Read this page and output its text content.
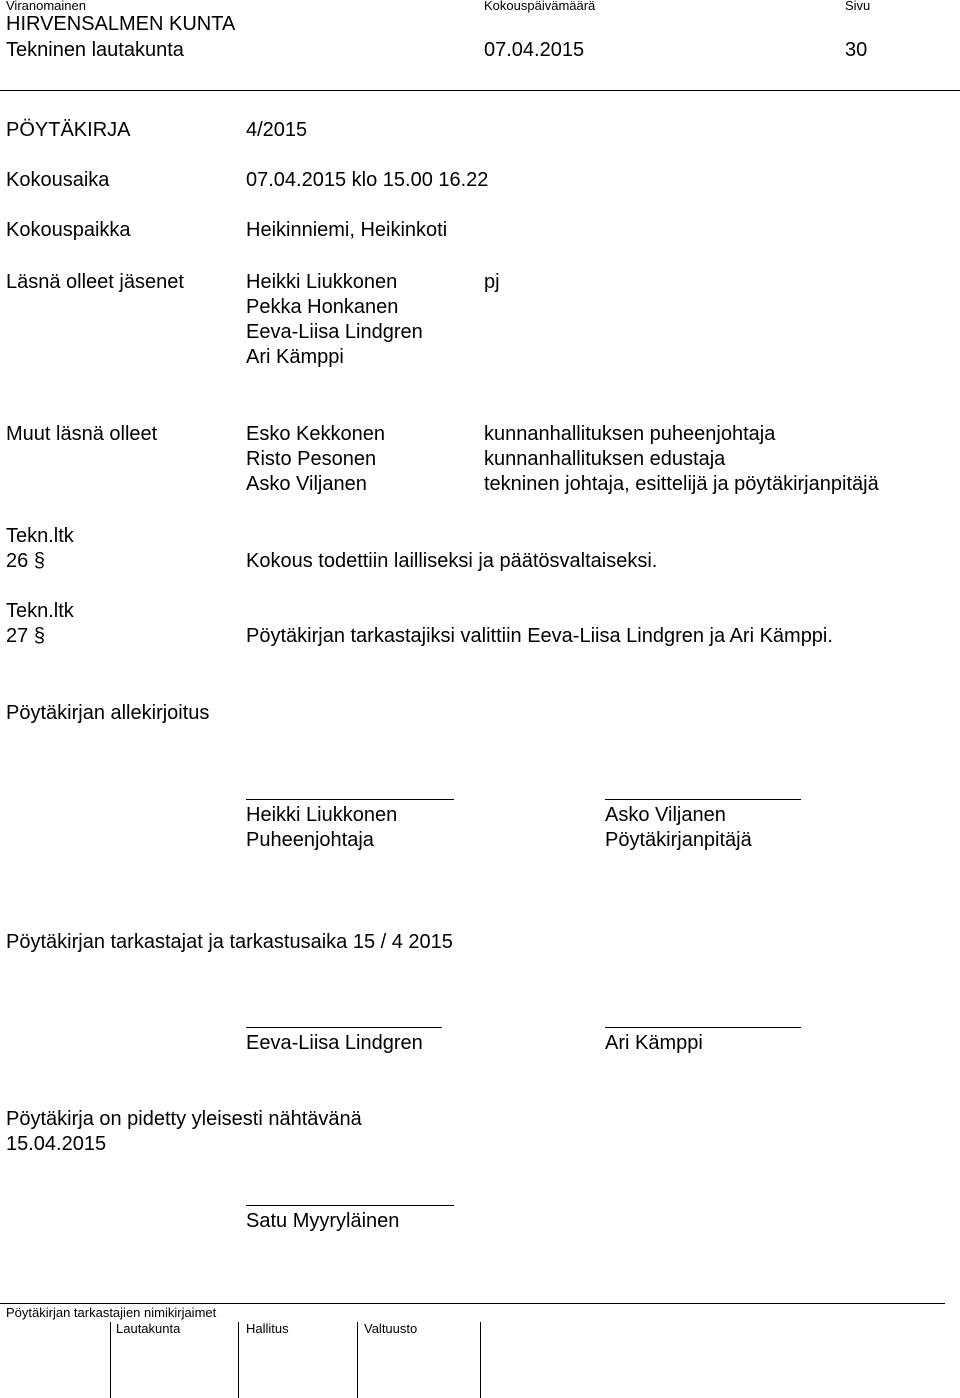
Viranomainen	Kokouspäivämäärä	Sivu
HIRVENSALMEN KUNTA
Tekninen lautakunta	07.04.2015	30
PÖYTÄKIRJA	4/2015
Kokousaika	07.04.2015 klo 15.00 16.22
Kokouspaikka	Heikinniemi, Heikinkoti
Läsnä olleet jäsenet	Heikki Liukkonen	pj
Pekka Honkanen
Eeva-Liisa Lindgren
Ari Kämppi
Muut läsnä olleet	Esko Kekkonen	kunnanhallituksen puheenjohtaja
Risto Pesonen	kunnanhallituksen edustaja
Asko Viljanen	tekninen johtaja, esittelijä ja pöytäkirjanpitäjä
Tekn.ltk
26 §	Kokous todettiin lailliseksi ja päätösvaltaiseksi.
Tekn.ltk
27 §	Pöytäkirjan tarkastajiksi valittiin Eeva-Liisa Lindgren ja Ari Kämppi.
Pöytäkirjan allekirjoitus
Heikki Liukkonen
Puheenjohtaja
Asko Viljanen
Pöytäkirjanpitäjä
Pöytäkirjan tarkastajat ja tarkastusaika 15 / 4 2015
Eeva-Liisa Lindgren	Ari Kämppi
Pöytäkirja on pidetty yleisesti nähtävänä
15.04.2015
Satu Myyryläinen
Pöytäkirjan tarkastajien nimikirjaimet
Lautakunta	Hallitus	Valtuusto
